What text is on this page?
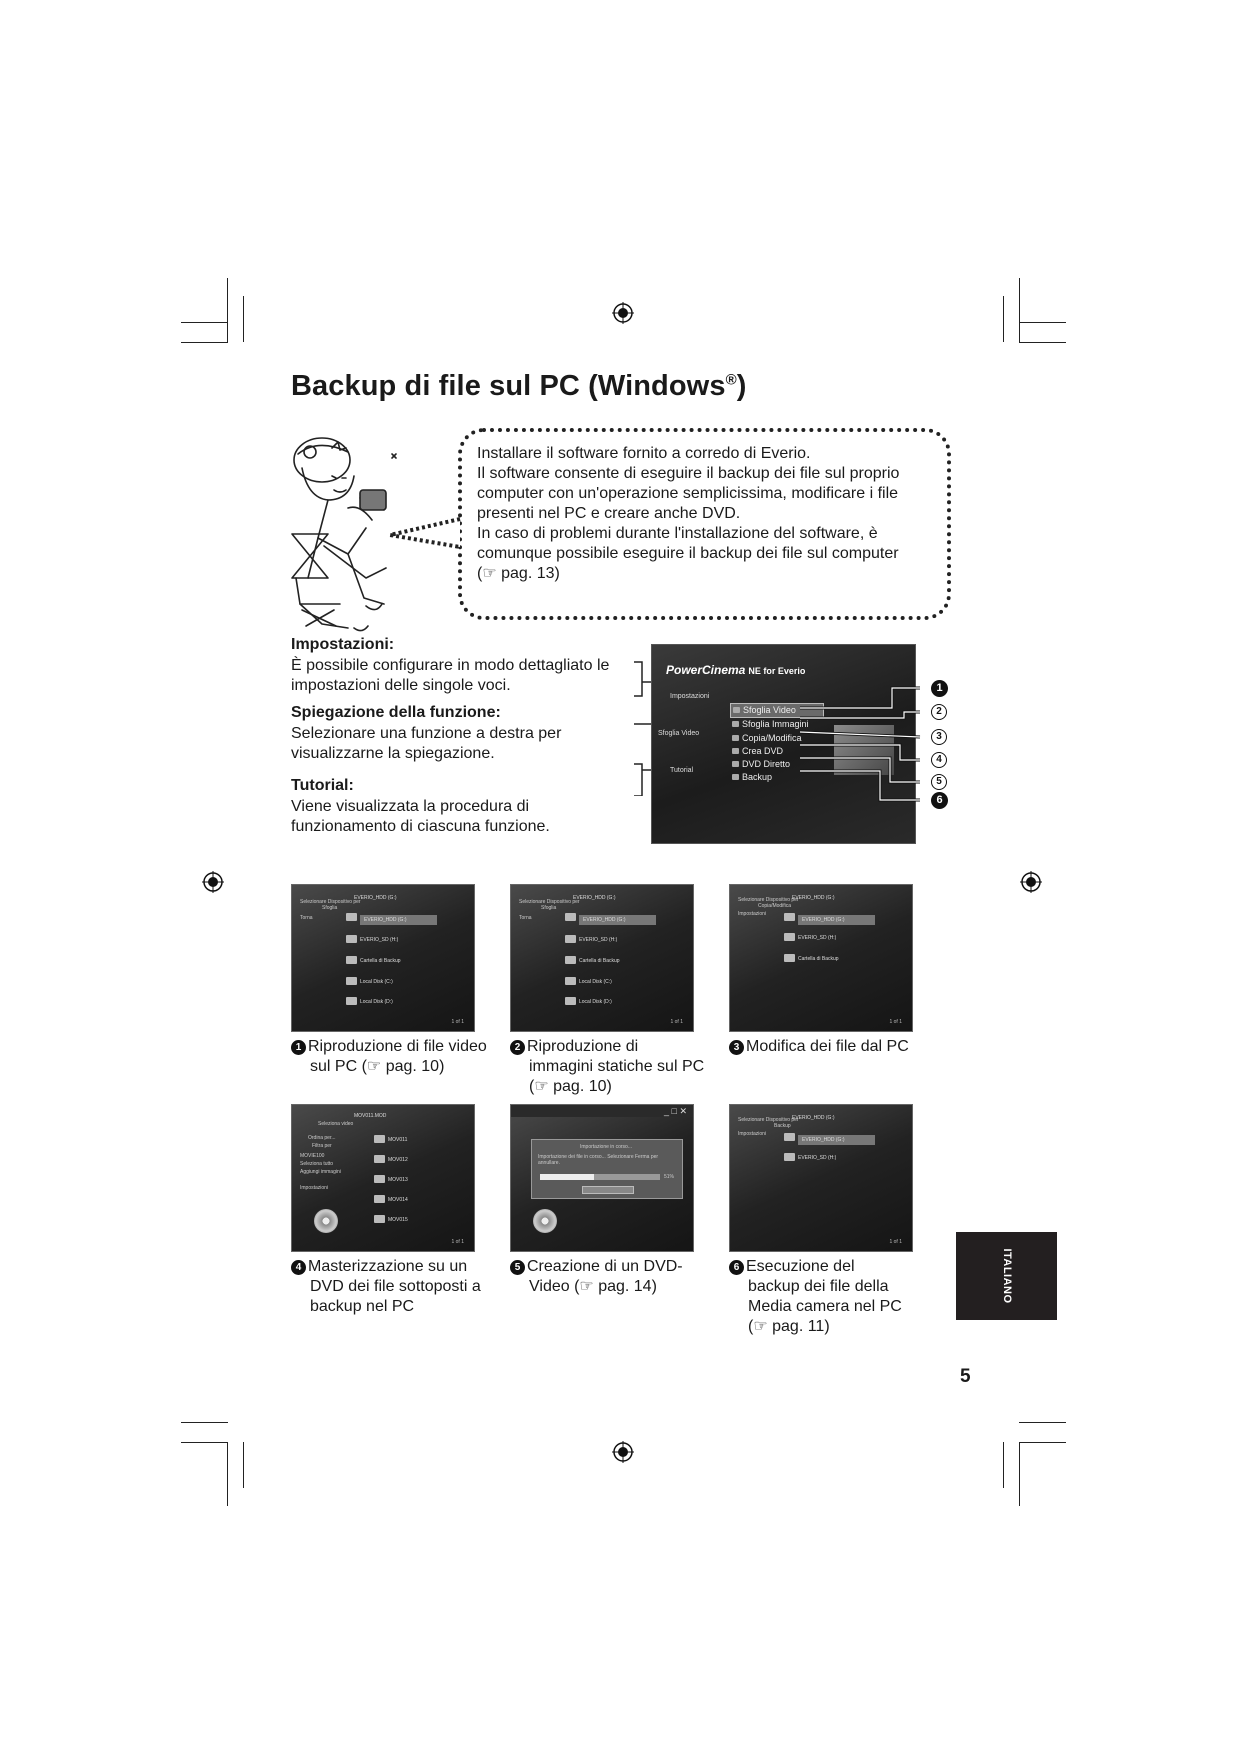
Backup di file sul PC (Windows®)

Installare il software fornito a corredo di Everio.

Il software consente di eseguire il backup dei file sul proprio computer con un'operazione semplicissima, modificare i file presenti nel PC e creare anche DVD.

In caso di problemi durante l'installazione del software, è comunque possibile eseguire il backup dei file sul computer

(☞ pag. 13)

Impostazioni:
È possibile configurare in modo dettagliato le impostazioni delle singole voci.
Spiegazione della funzione:
Selezionare una funzione a destra per visualizzarne la spiegazione.
Tutorial:
Viene visualizzata la procedura di funzionamento di ciascuna funzione.
PowerCinema NE for Everio
Impostazioni
Sfoglia Video
Tutorial
Sfoglia Video
Sfoglia Immagini
Copia/Modifica
Crea DVD
DVD Diretto
Backup
1
2
3
4
5
6
Selezionare Dispositivo per
Sfoglia
Torna
EVERIO_HDD (G:)
EVERIO_HDD (G:)
EVERIO_SD (H:)
Cartella di Backup
Local Disk (C:)
Local Disk (D:)
1 of 1
Selezionare Dispositivo per
Sfoglia
Torna
EVERIO_HDD (G:)
EVERIO_HDD (G:)
EVERIO_SD (H:)
Cartella di Backup
Local Disk (C:)
Local Disk (D:)
1 of 1
Selezionare Dispositivo per
Copia/Modifica
Impostazioni
EVERIO_HDD (G:)
EVERIO_HDD (G:)
EVERIO_SD (H:)
Cartella di Backup
1 of 1
Seleziona video
Ordina per...
Filtra per
MOVIE100
Seleziona tutto
Aggiungi immagini
Impostazioni
MOV011.MOD
MOV011
MOV012
MOV013
MOV014
MOV015
1 of 1
_ □ ✕
Importazione in corso...
Importazione dei file in corso... Selezionare Ferma per annullare.
51%
Selezionare Dispositivo per
Backup
Impostazioni
EVERIO_HDD (G:)
EVERIO_HDD (G:)
EVERIO_SD (H:)
1 of 1
1 Riproduzione di file video
sul PC (☞ pag. 10)
2 Riproduzione di
immagini statiche sul PC
(☞ pag. 10)
3 Modifica dei file dal PC
4 Masterizzazione su un
DVD dei file sottoposti a
backup nel PC
5 Creazione di un DVD-
Video (☞ pag. 14)
6 Esecuzione del
backup dei file della
Media camera nel PC
(☞ pag. 11)
ITALIANO
5
